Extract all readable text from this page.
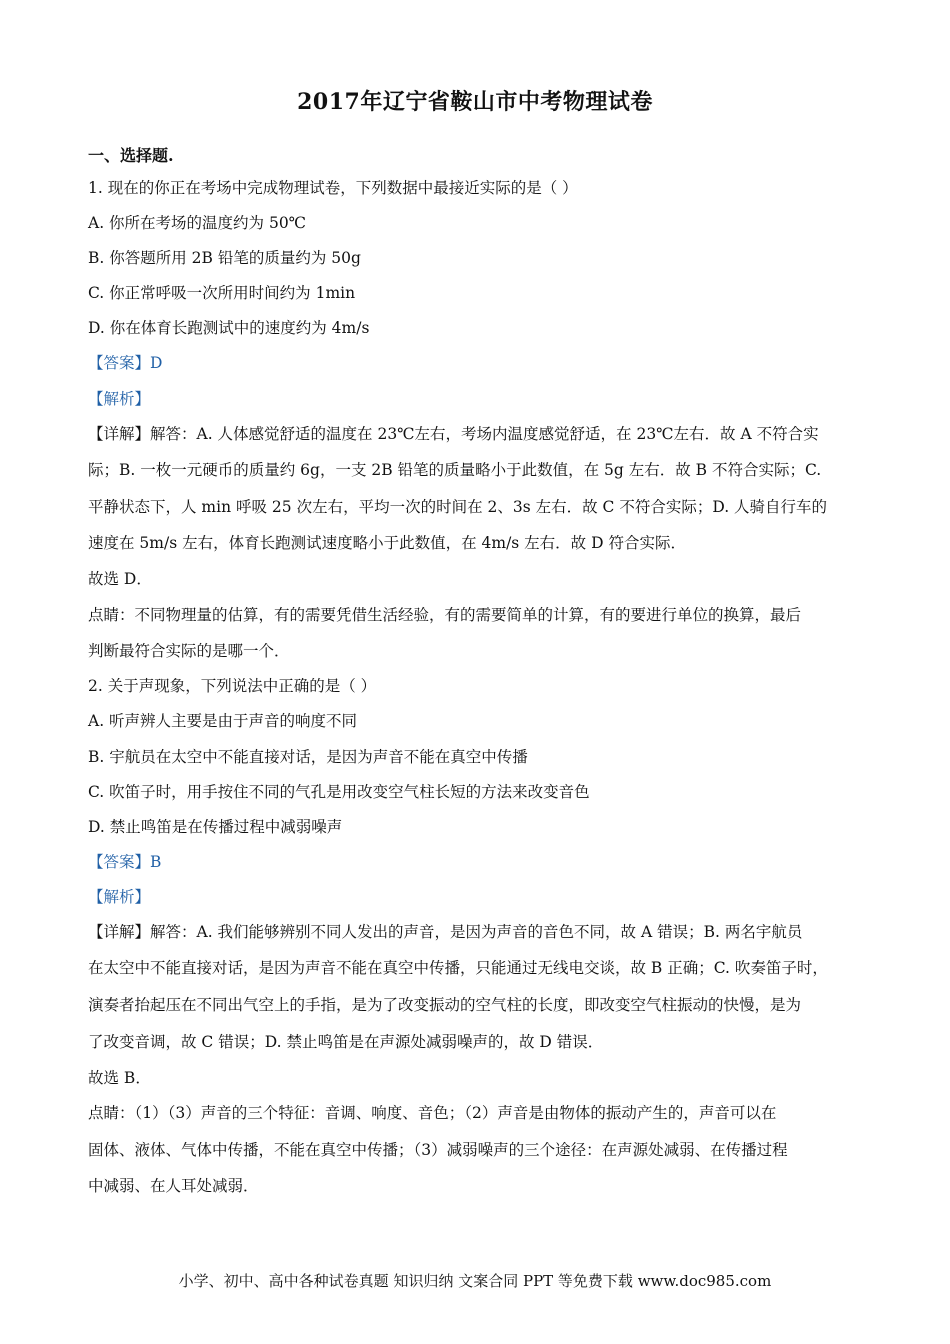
2017年辽宁省鞍山市中考物理试卷
一、选择题.
1. 现在的你正在考场中完成物理试卷，下列数据中最接近实际的是（ ）
A. 你所在考场的温度约为 50℃
B. 你答题所用 2B 铅笔的质量约为 50g
C. 你正常呼吸一次所用时间约为 1min
D. 你在体育长跑测试中的速度约为 4m/s
【答案】D
【解析】
【详解】解答：A. 人体感觉舒适的温度在 23℃左右，考场内温度感觉舒适，在 23℃左右．故 A 不符合实
际；B. 一枚一元硬币的质量约 6g，一支 2B 铅笔的质量略小于此数值，在 5g 左右．故 B 不符合实际；C.
平静状态下，人 min 呼吸 25 次左右，平均一次的时间在 2、3s 左右．故 C 不符合实际；D. 人骑自行车的
速度在 5m/s 左右，体育长跑测试速度略小于此数值，在 4m/s 左右．故 D 符合实际．
故选 D．
点睛：不同物理量的估算，有的需要凭借生活经验，有的需要简单的计算，有的要进行单位的换算，最后
判断最符合实际的是哪一个．
2. 关于声现象，下列说法中正确的是（ ）
A. 听声辨人主要是由于声音的响度不同
B. 宇航员在太空中不能直接对话，是因为声音不能在真空中传播
C. 吹笛子时，用手按住不同的气孔是用改变空气柱长短的方法来改变音色
D. 禁止鸣笛是在传播过程中减弱噪声
【答案】B
【解析】
【详解】解答：A. 我们能够辨别不同人发出的声音，是因为声音的音色不同，故 A 错误；B. 两名宇航员
在太空中不能直接对话，是因为声音不能在真空中传播，只能通过无线电交谈，故 B 正确；C. 吹奏笛子时，
演奏者抬起压在不同出气空上的手指，是为了改变振动的空气柱的长度，即改变空气柱振动的快慢，是为
了改变音调，故 C 错误；D. 禁止鸣笛是在声源处减弱噪声的，故 D 错误．
故选 B．
点睛：（1）（3）声音的三个特征：音调、响度、音色；（2）声音是由物体的振动产生的，声音可以在
固体、液体、气体中传播，不能在真空中传播；（3）减弱噪声的三个途径：在声源处减弱、在传播过程
中减弱、在人耳处减弱．
小学、初中、高中各种试卷真题 知识归纳 文案合同 PPT 等免费下载 www.doc985.com
